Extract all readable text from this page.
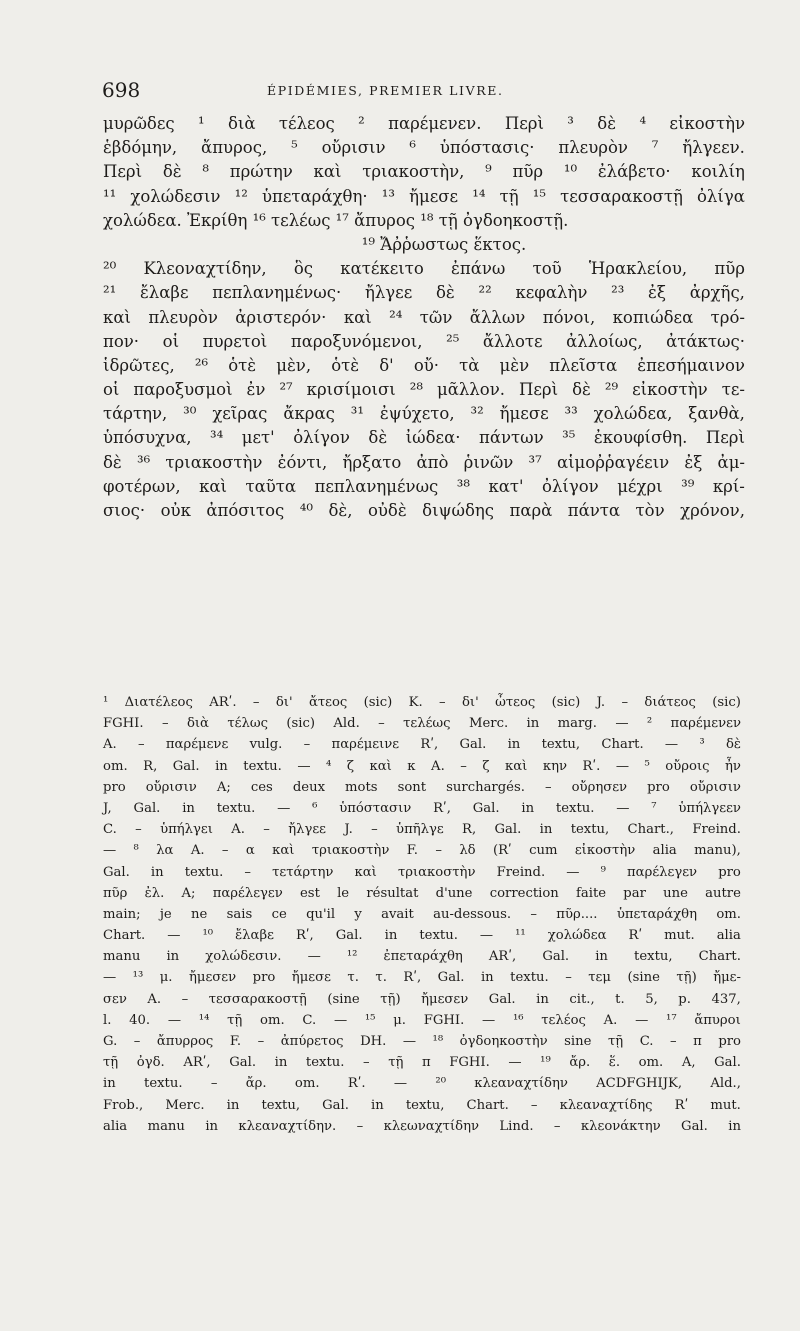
698	ÉPIDÉMIES, PREMIER LIVRE.
μυρῶδες ¹ διὰ τέλεος ² παρέμενεν. Περὶ ³ δὲ ⁴ εἰκοστὴν
ἑβδόμην, ἄπυρος, ⁵ οὔρισιν ⁶ ὑπόστασις· πλευρὸν ⁷ ἤλγεεν.
Περὶ δὲ ⁸ πρώτην καὶ τριακοστὴν, ⁹ πῦρ ¹⁰ ἐλάβετο· κοιλίη
¹¹ χολώδεσιν ¹² ὑπεταράχθη· ¹³ ἤμεσε ¹⁴ τῇ ¹⁵ τεσσαρακοστῇ ὀλίγα
χολώδεα. Ἐκρίθη ¹⁶ τελέως ¹⁷ ἄπυρος ¹⁸ τῇ ὀγδοηκοστῇ.
¹⁹ Ἄῤῥωστως ἕκτος.
²⁰ Κλεοναχτίδην, ὃς κατέκειτο ἐπάνω τοῦ Ἡρακλείου, πῦρ
²¹ ἔλαβε πεπλανημένως· ἤλγεε δὲ ²² κεφαλὴν ²³ ἐξ ἀρχῆς,
καὶ πλευρὸν ἀριστερόν· καὶ ²⁴ τῶν ἄλλων πόνοι, κοπιώδεα τρό-
πον· οἱ πυρετοὶ παροξυνόμενοι, ²⁵ ἄλλοτε ἀλλοίως, ἀτάκτως·
ἱδρῶτες, ²⁶ ὁτὲ μὲν, ὁτὲ δ' οὔ· τὰ μὲν πλεῖστα ἐπεσήμαινον
οἱ παροξυσμοὶ ἐν ²⁷ κρισίμοισι ²⁸ μᾶλλον. Περὶ δὲ ²⁹ εἰκοστὴν τε-
τάρτην, ³⁰ χεῖρας ἄκρας ³¹ ἐψύχετο, ³² ἤμεσε ³³ χολώδεα, ξανθὰ,
ὑπόσυχνα, ³⁴ μετ' ὀλίγον δὲ ἰώδεα· πάντων ³⁵ ἐκουφίσθη. Περὶ
δὲ ³⁶ τριακοστὴν ἐόντι, ἤρξατο ἀπὸ ῥινῶν ³⁷ αἱμοῤῥαγέειν ἐξ ἀμ-
φοτέρων, καὶ ταῦτα πεπλανημένως ³⁸ κατ' ὀλίγον μέχρι ³⁹ κρί-
σιος· οὐκ ἀπόσιτος ⁴⁰ δὲ, οὐδὲ διψώδης παρὰ πάντα τὸν χρόνον,
¹ Διατέλεος ARʹ. – δι' ἄτεος (sic) K. – δι' ὦτεος (sic) J. – διάτεος (sic)
FGHI. – διὰ τέλως (sic) Ald. – τελέως Merc. in marg. — ² παρέμενεν
A. – παρέμενε vulg. – παρέμεινε Rʹ, Gal. in textu, Chart. — ³ δὲ
om. R, Gal. in textu. — ⁴ ζ καὶ κ A. – ζ καὶ κην Rʹ. — ⁵ οὔροις ἦν
pro οὔρισιν A; ces deux mots sont surchargés. – οὔρησεν pro οὔρισιν
J, Gal. in textu. — ⁶ ὑπόστασιν Rʹ, Gal. in textu. — ⁷ ὑπήλγεεν
C. – ὑπήλγει A. – ἤλγεε J. – ὑπῆλγε R, Gal. in textu, Chart., Freind.
— ⁸ λα A. – α καὶ τριακοστὴν F. – λδ (Rʹ cum εἰκοστὴν alia manu),
Gal. in textu. – τετάρτην καὶ τριακοστὴν Freind. — ⁹ παρέλεγεν pro
πῦρ ἐλ. A; παρέλεγεν est le résultat d'une correction faite par une autre
main; je ne sais ce qu'il y avait au-dessous. – πῦρ.... ὑπεταράχθη om.
Chart. — ¹⁰ ἔλαβε Rʹ, Gal. in textu. — ¹¹ χολώδεα Rʹ mut. alia
manu in χολώδεσιν. — ¹² ἐπεταράχθη ARʹ, Gal. in textu, Chart.
— ¹³ μ. ἤμεσεν pro ἤμεσε τ. τ. Rʹ, Gal. in textu. – τεμ (sine τῇ) ἤμε-
σεν A. – τεσσαρακοστῇ (sine τῇ) ἤμεσεν Gal. in cit., t. 5, p. 437,
l. 40. — ¹⁴ τῇ om. C. — ¹⁵ μ. FGHI. — ¹⁶ τελέος A. — ¹⁷ ἄπυροι
G. – ἄπυρρος F. – ἀπύρετος DH. — ¹⁸ ὀγδοηκοστὴν sine τῇ C. – π pro
τῇ ὀγδ. ARʹ, Gal. in textu. – τῇ π FGHI. — ¹⁹ ἄρ. ἕ. om. A, Gal.
in textu. – ἄρ. om. Rʹ. — ²⁰ κλεαναχτίδην ACDFGHIJK, Ald.,
Frob., Merc. in textu, Gal. in textu, Chart. – κλεαναχτίδης Rʹ mut.
alia manu in κλεαναχτίδην. – κλεωναχτίδην Lind. – κλεονάκτην Gal. in
